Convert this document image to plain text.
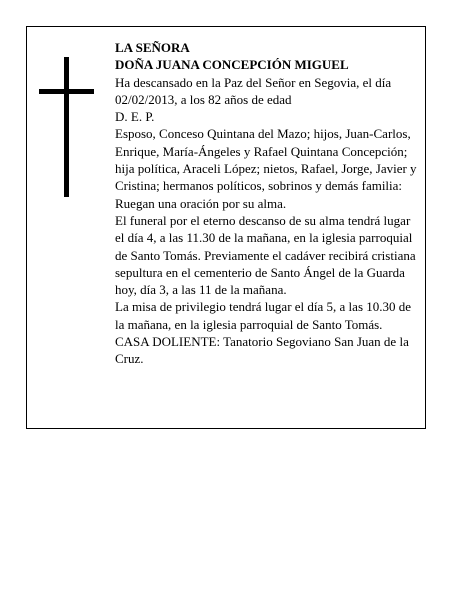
LA SEÑORA

DOÑA JUANA CONCEPCIÓN MIGUEL

Ha descansado en la Paz del Señor en Segovia, el día 02/02/2013, a los 82 años de edad

D. E. P.

Esposo, Conceso Quintana del Mazo; hijos, Juan-Carlos, Enrique, María-Ángeles y Rafael Quintana Concepción; hija política, Araceli López; nietos, Rafael, Jorge, Javier y Cristina; hermanos políticos, sobrinos y demás familia:

Ruegan una oración por su alma.

El funeral por el eterno descanso de su alma tendrá lugar el día 4, a las 11.30 de la mañana, en la iglesia parroquial de Santo Tomás. Previamente el cadáver recibirá cristiana sepultura en el cementerio de Santo Ángel de la Guarda hoy, día 3, a las 11 de la mañana.

La misa de privilegio tendrá lugar el día 5, a las 10.30 de la mañana, en la iglesia parroquial de Santo Tomás.

CASA DOLIENTE: Tanatorio Segoviano San Juan de la Cruz.
